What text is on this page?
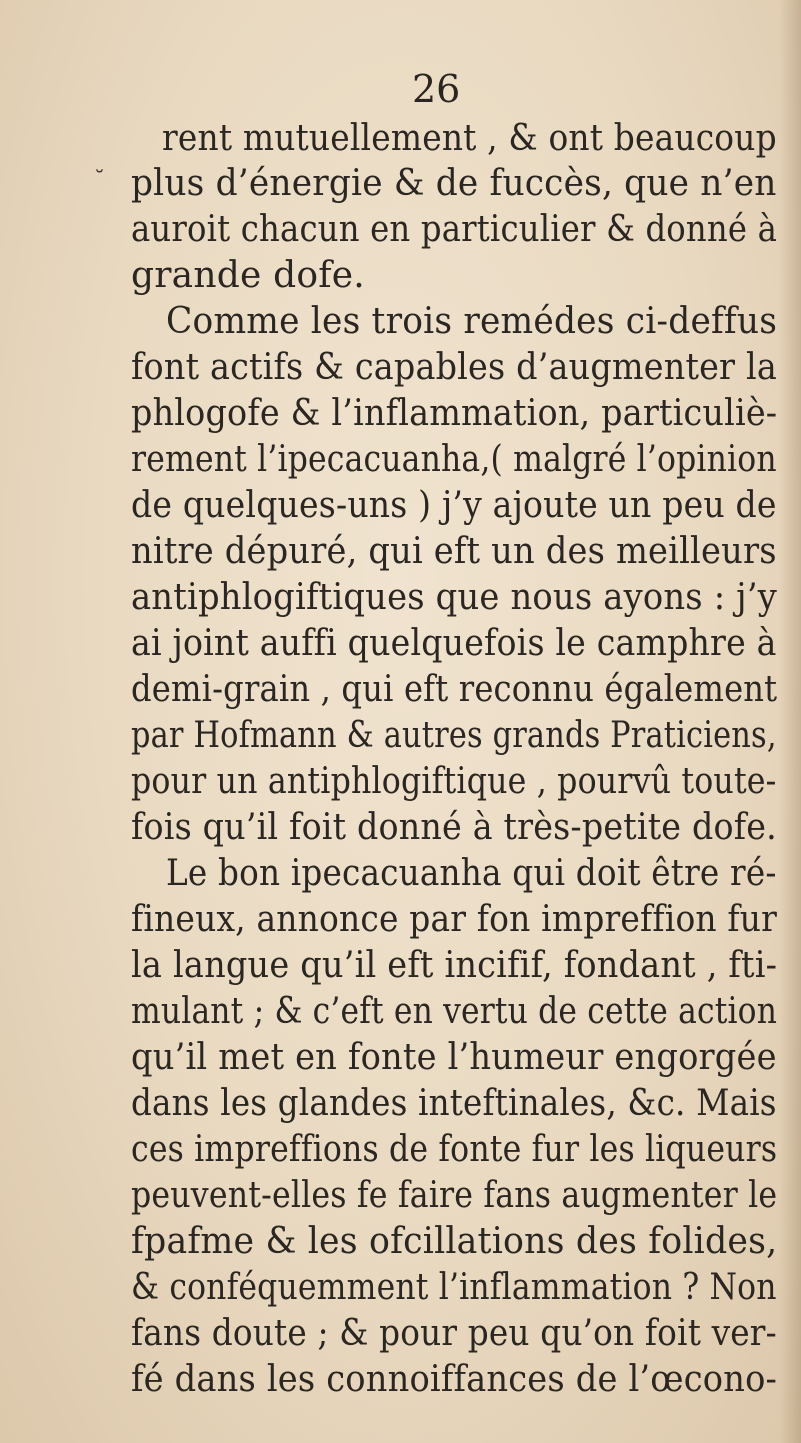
26
˘
rent mutuellement , & ont beaucoup
plus d’énergie & de fuccès, que n’en
auroit chacun en particulier & donné à
grande dofe.
Comme les trois remédes ci-deffus
font actifs & capables d’augmenter la
phlogofe & l’inflammation, particuliè-
rement l’ipecacuanha,( malgré l’opinion
de quelques-uns ) j’y ajoute un peu de
nitre dépuré, qui eft un des meilleurs
antiphlogiftiques que nous ayons : j’y
ai joint auffi quelquefois le camphre à
demi-grain , qui eft reconnu également
par Hofmann & autres grands Praticiens,
pour un antiphlogiftique , pourvû toute-
fois qu’il foit donné à très-petite dofe.
Le bon ipecacuanha qui doit être ré-
fineux, annonce par fon impreffion fur
la langue qu’il eft incifif, fondant , fti-
mulant ; & c’eft en vertu de cette action
qu’il met en fonte l’humeur engorgée
dans les glandes inteftinales, &c. Mais
ces impreffions de fonte fur les liqueurs
peuvent-elles fe faire fans augmenter le
fpafme & les ofcillations des folides,
& conféquemment l’inflammation ? Non
fans doute ; & pour peu qu’on foit ver-
fé dans les connoiffances de l’œcono-
